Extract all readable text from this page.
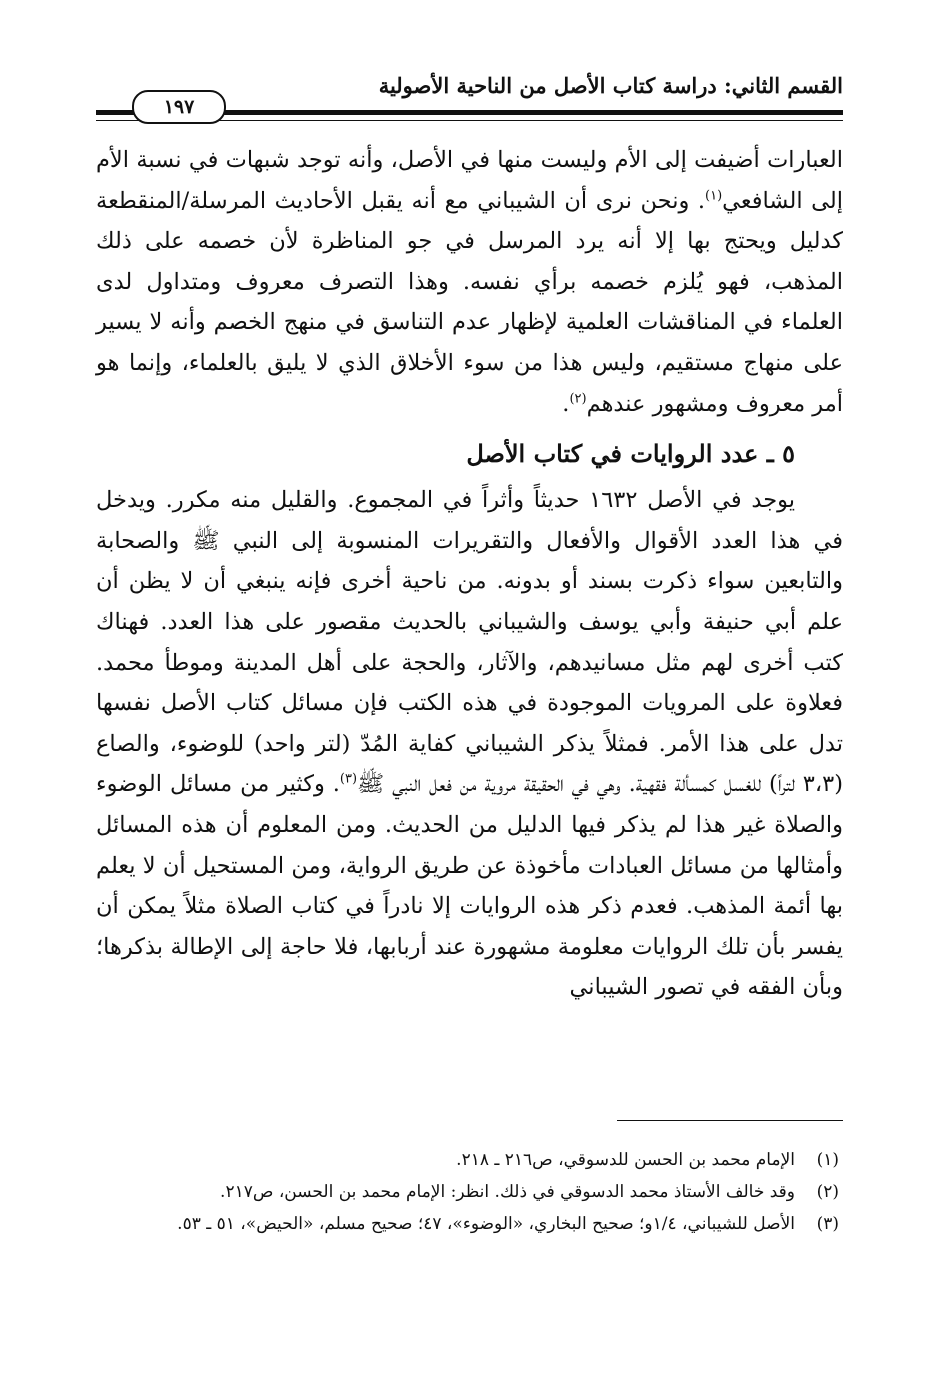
القسم الثاني: دراسة كتاب الأصل من الناحية الأصولية
١٩٧

العبارات أضيفت إلى الأم وليست منها في الأصل، وأنه توجد شبهات في نسبة الأم إلى الشافعي$^{(١)}$. ونحن نرى أن الشيباني مع أنه يقبل الأحاديث المرسلة/المنقطعة كدليل ويحتج بها إلا أنه يرد المرسل في جو المناظرة لأن خصمه على ذلك المذهب، فهو يُلزم خصمه برأي نفسه. وهذا التصرف معروف ومتداول لدى العلماء في المناقشات العلمية لإظهار عدم التناسق في منهج الخصم وأنه لا يسير على منهاج مستقيم، وليس هذا من سوء الأخلاق الذي لا يليق بالعلماء، وإنما هو أمر معروف ومشهور عندهم$^{(٢)}$.

٥ ـ عدد الروايات في كتاب الأصل

يوجد في الأصل ١٦٣٢ حديثاً وأثراً في المجموع. والقليل منه مكرر. ويدخل في هذا العدد الأقوال والأفعال والتقريرات المنسوبة إلى النبي ﷺ والصحابة والتابعين سواء ذكرت بسند أو بدونه. من ناحية أخرى فإنه ينبغي أن لا يظن أن علم أبي حنيفة وأبي يوسف والشيباني بالحديث مقصور على هذا العدد. فهناك كتب أخرى لهم مثل مسانيدهم، والآثار، والحجة على أهل المدينة وموطأ محمد. فعلاوة على المرويات الموجودة في هذه الكتب فإن مسائل كتاب الأصل نفسها تدل على هذا الأمر. فمثلاً يذكر الشيباني كفاية المُدّ (لتر واحد) للوضوء، والصاع (٣،٣ لتراً) للغسل كمسألة فقهية. وهي في الحقيقة مروية من فعل النبي ﷺ$^{(٣)}$. وكثير من مسائل الوضوء والصلاة غير هذا لم يذكر فيها الدليل من الحديث. ومن المعلوم أن هذه المسائل وأمثالها من مسائل العبادات مأخوذة عن طريق الرواية، ومن المستحيل أن لا يعلم بها أئمة المذهب. فعدم ذكر هذه الروايات إلا نادراً في كتاب الصلاة مثلاً يمكن أن يفسر بأن تلك الروايات معلومة مشهورة عند أربابها، فلا حاجة إلى الإطالة بذكرها؛ وبأن الفقه في تصور الشيباني

(١)
الإمام محمد بن الحسن للدسوقي، ص٢١٦ ـ ٢١٨.

(٢)
وقد خالف الأستاذ محمد الدسوقي في ذلك. انظر: الإمام محمد بن الحسن، ص٢١٧.

(٣)
الأصل للشيباني، ١/٤و؛ صحيح البخاري، «الوضوء»، ٤٧؛ صحيح مسلم، «الحيض»، ٥١ ـ ٥٣.
